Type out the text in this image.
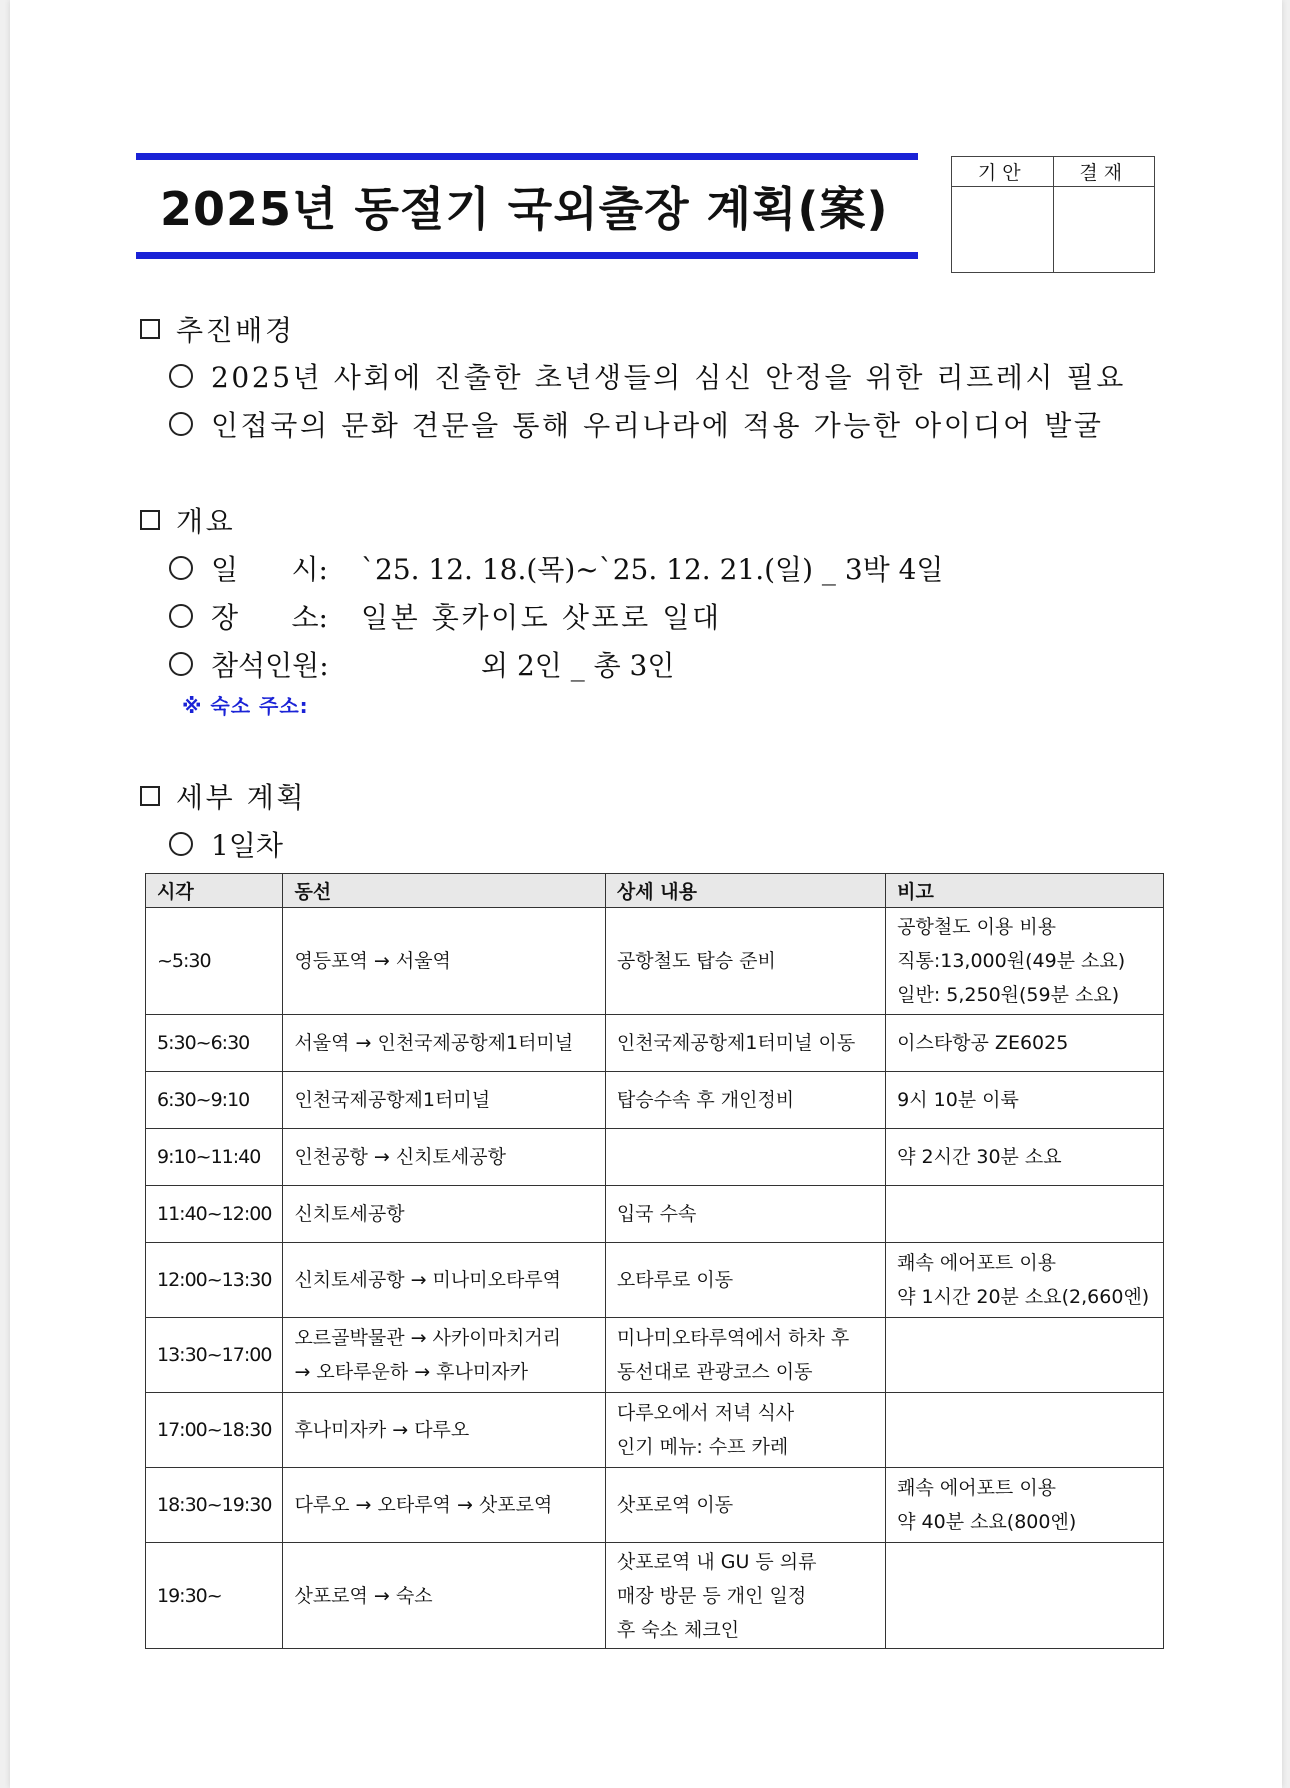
2025년 동절기 국외출장 계획(案)
기안	결재

추진배경
2025년 사회에 진출한 초년생들의 심신 안정을 위한 리프레시 필요
인접국의 문화 견문을 통해 우리나라에 적용 가능한 아이디어 발굴
개요
일      시:	`25. 12. 18.(목)~`25. 12. 21.(일) _ 3박 4일
장      소:	일본 홋카이도 삿포로 일대
참석인원:	외 2인 _ 총 3인
※ 숙소 주소:
세부 계획
1일차
시각	동선	상세 내용	비고
~5:30	영등포역 → 서울역	공항철도 탑승 준비	공항철도 이용 비용
직통:13,000원(49분 소요)
일반: 5,250원(59분 소요)

5:30~6:30	서울역 → 인천국제공항제1터미널	인천국제공항제1터미널 이동	이스타항공 ZE6025

6:30~9:10	인천국제공항제1터미널	탑승수속 후 개인정비	9시 10분 이륙

9:10~11:40	인천공항 → 신치토세공항		약 2시간 30분 소요

11:40~12:00	신치토세공항	입국 수속	

12:00~13:30	신치토세공항 → 미나미오타루역	오타루로 이동	쾌속 에어포트 이용
약 1시간 20분 소요(2,660엔)

13:30~17:00	오르골박물관 → 사카이마치거리
→ 오타루운하 → 후나미자카	미나미오타루역에서 하차 후
동선대로 관광코스 이동	

17:00~18:30	후나미자카 → 다루오	다루오에서 저녁 식사
인기 메뉴: 수프 카레	

18:30~19:30	다루오 → 오타루역 → 삿포로역	삿포로역 이동	쾌속 에어포트 이용
약 40분 소요(800엔)

19:30~	삿포로역 → 숙소	삿포로역 내 GU 등 의류
매장 방문 등 개인 일정
후 숙소 체크인	
